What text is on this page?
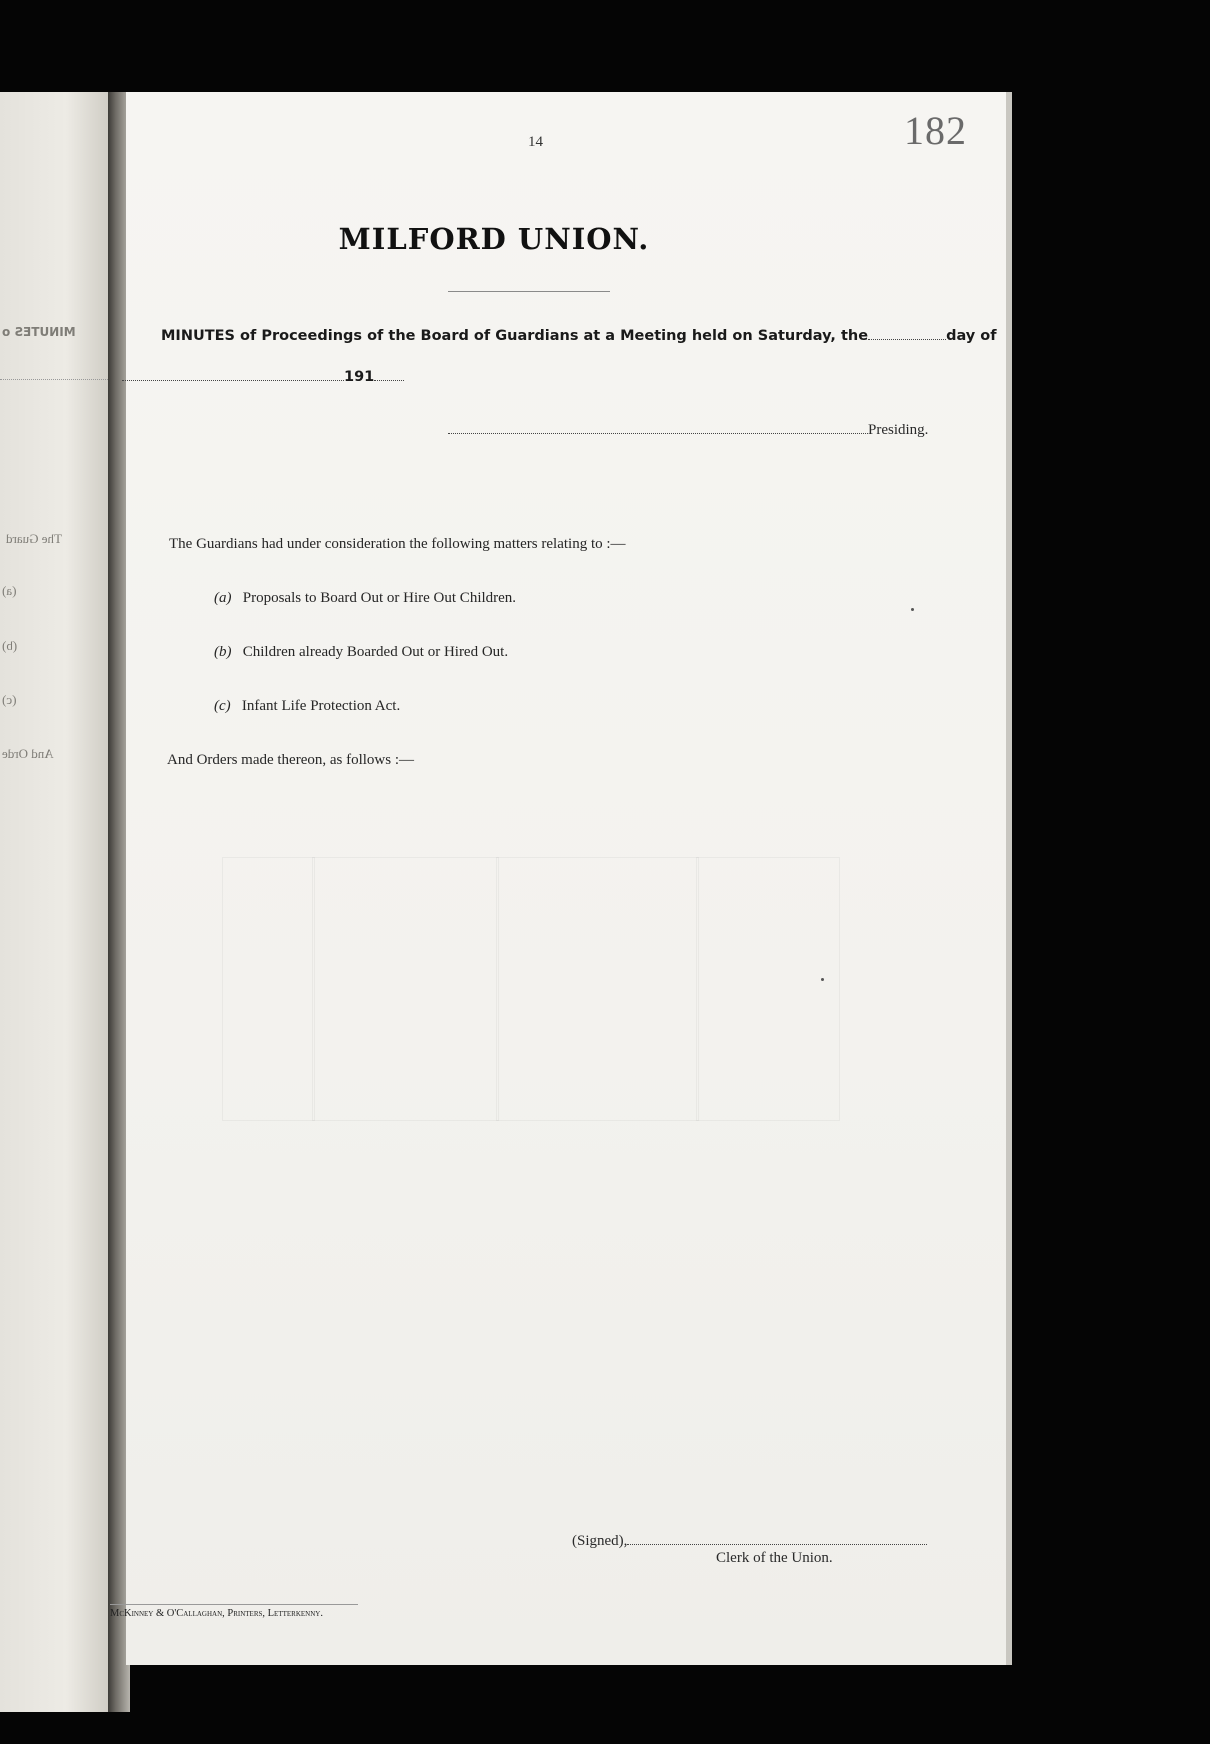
MINUTES o
The Guard
(a)
(b)
(c)
And Orde
14	182
MILFORD UNION.
MINUTES of Proceedings of the Board of Guardians at a Meeting held on Saturday, the	day of
191
Presiding.
The Guardians had under consideration the following matters relating to :—
(a) Proposals to Board Out or Hire Out Children.
(b) Children already Boarded Out or Hired Out.
(c) Infant Life Protection Act.
And Orders made thereon, as follows :—
(Signed),
Clerk of the Union.
McKinney & O'Callaghan, Printers, Letterkenny.
